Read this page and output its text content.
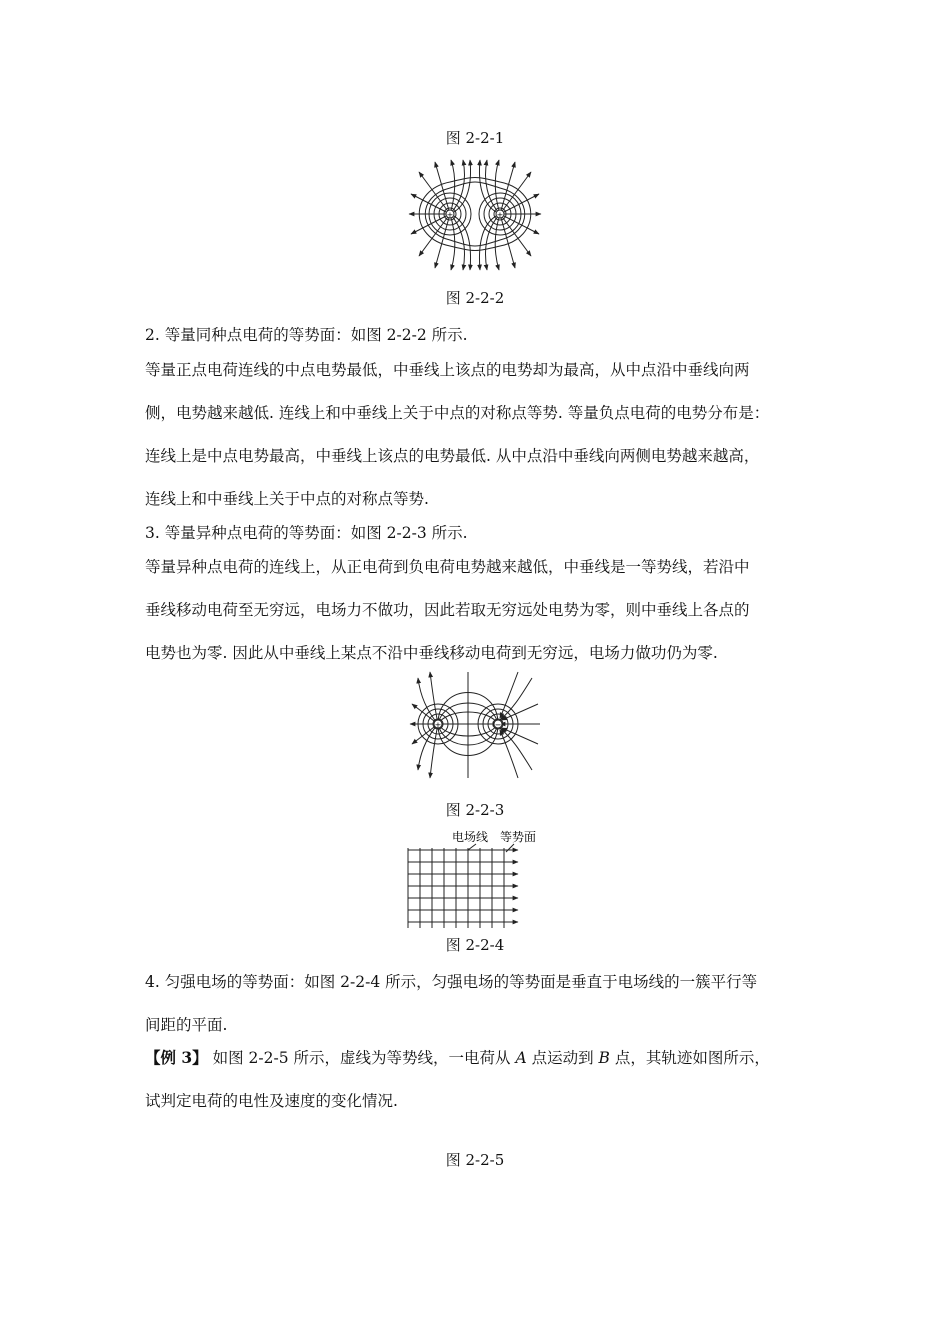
图 2-2-1
+	+
图 2-2-2
2. 等量同种点电荷的等势面：如图 2-2-2 所示.
等量正点电荷连线的中点电势最低，中垂线上该点的电势却为最高，从中点沿中垂线向两
侧，电势越来越低. 连线上和中垂线上关于中点的对称点等势. 等量负点电荷的电势分布是：
连线上是中点电势最高，中垂线上该点的电势最低. 从中点沿中垂线向两侧电势越来越高，
连线上和中垂线上关于中点的对称点等势.
3. 等量异种点电荷的等势面：如图 2-2-3 所示.
等量异种点电荷的连线上，从正电荷到负电荷电势越来越低，中垂线是一等势线，若沿中
垂线移动电荷至无穷远，电场力不做功，因此若取无穷远处电势为零，则中垂线上各点的
电势也为零. 因此从中垂线上某点不沿中垂线移动电荷到无穷远，电场力做功仍为零.
+	−
图 2-2-3
电场线 等势面
图 2-2-4
4. 匀强电场的等势面：如图 2-2-4 所示，匀强电场的等势面是垂直于电场线的一簇平行等
间距的平面.
【例 3】 如图 2-2-5 所示，虚线为等势线，一电荷从 A 点运动到 B 点，其轨迹如图所示，
试判定电荷的电性及速度的变化情况.
图 2-2-5
